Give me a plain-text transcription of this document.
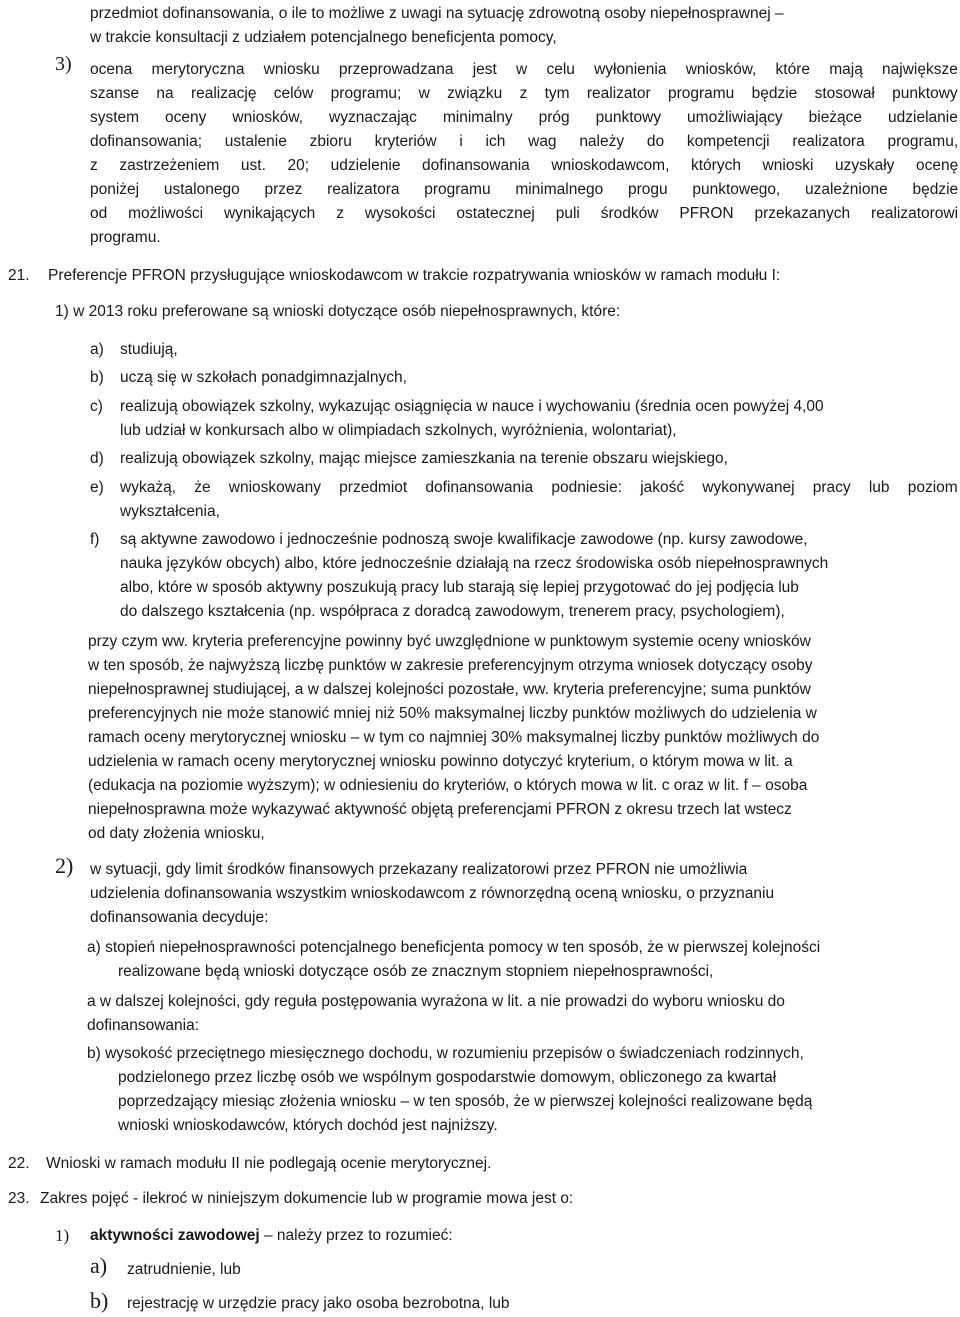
przedmiot dofinansowania, o ile to możliwe z uwagi na sytuację zdrowotną osoby niepełnosprawnej –
w trakcie konsultacji z udziałem potencjalnego beneficjenta pomocy,
3) ocena merytoryczna wniosku przeprowadzana jest w celu wyłonienia wniosków, które mają największe
szanse na realizację celów programu; w związku z tym realizator programu będzie stosował punktowy
system oceny wniosków, wyznaczając minimalny próg punktowy umożliwiający bieżące udzielanie
dofinansowania; ustalenie zbioru kryteriów i ich wag należy do kompetencji realizatora programu,
z zastrzeżeniem ust. 20; udzielenie dofinansowania wnioskodawcom, których wnioski uzyskały ocenę
poniżej ustalonego przez realizatora programu minimalnego progu punktowego, uzależnione będzie
od możliwości wynikających z wysokości ostatecznej puli środków PFRON przekazanych realizatorowi
programu.
21. Preferencje PFRON przysługujące wnioskodawcom w trakcie rozpatrywania wniosków w ramach modułu I:
1) w 2013 roku preferowane są wnioski dotyczące osób niepełnosprawnych, które:
a) studiują,
b) uczą się w szkołach ponadgimnazjalnych,
c) realizują obowiązek szkolny, wykazując osiągnięcia w nauce i wychowaniu (średnia ocen powyżej 4,00
lub udział w konkursach albo w olimpiadach szkolnych, wyróżnienia, wolontariat),
d) realizują obowiązek szkolny, mając miejsce zamieszkania na terenie obszaru wiejskiego,
e) wykażą, że wnioskowany przedmiot dofinansowania podniesie: jakość wykonywanej pracy lub poziom
wykształcenia,
f) są aktywne zawodowo i jednocześnie podnoszą swoje kwalifikacje zawodowe (np. kursy zawodowe,
nauka języków obcych) albo, które jednocześnie działają na rzecz środowiska osób niepełnosprawnych
albo, które w sposób aktywny poszukują pracy lub starają się lepiej przygotować do jej podjęcia lub
do dalszego kształcenia (np. współpraca z doradcą zawodowym, trenerem pracy, psychologiem),
przy czym ww. kryteria preferencyjne powinny być uwzględnione w punktowym systemie oceny wniosków
w ten sposób, że najwyższą liczbę punktów w zakresie preferencyjnym otrzyma wniosek dotyczący osoby
niepełnosprawnej studiującej, a w dalszej kolejności pozostałe, ww. kryteria preferencyjne; suma punktów
preferencyjnych nie może stanowić mniej niż 50% maksymalnej liczby punktów możliwych do udzielenia w
ramach oceny merytorycznej wniosku – w tym co najmniej 30% maksymalnej liczby punktów możliwych do
udzielenia w ramach oceny merytorycznej wniosku powinno dotyczyć kryterium, o którym mowa w lit. a
(edukacja na poziomie wyższym); w odniesieniu do kryteriów, o których mowa w lit. c oraz w lit. f – osoba
niepełnosprawna może wykazywać aktywność objętą preferencjami PFRON z okresu trzech lat wstecz
od daty złożenia wniosku,
2) w sytuacji, gdy limit środków finansowych przekazany realizatorowi przez PFRON nie umożliwia
udzielenia dofinansowania wszystkim wnioskodawcom z równorzędną oceną wniosku, o przyznaniu
dofinansowania decyduje:
a) stopień niepełnosprawności potencjalnego beneficjenta pomocy w ten sposób, że w pierwszej kolejności
realizowane będą wnioski dotyczące osób ze znacznym stopniem niepełnosprawności,
a w dalszej kolejności, gdy reguła postępowania wyrażona w lit. a nie prowadzi do wyboru wniosku do
dofinansowania:
b) wysokość przeciętnego miesięcznego dochodu, w rozumieniu przepisów o świadczeniach rodzinnych,
podzielonego przez liczbę osób we wspólnym gospodarstwie domowym, obliczonego za kwartał
poprzedzający miesiąc złożenia wniosku – w ten sposób, że w pierwszej kolejności realizowane będą
wnioski wnioskodawców, których dochód jest najniższy.
22. Wnioski w ramach modułu II nie podlegają ocenie merytorycznej.
23. Zakres pojęć - ilekroć w niniejszym dokumencie lub w programie mowa jest o:
1) aktywności zawodowej – należy przez to rozumieć:
a) zatrudnienie, lub
b) rejestrację w urzędzie pracy jako osoba bezrobotna, lub
